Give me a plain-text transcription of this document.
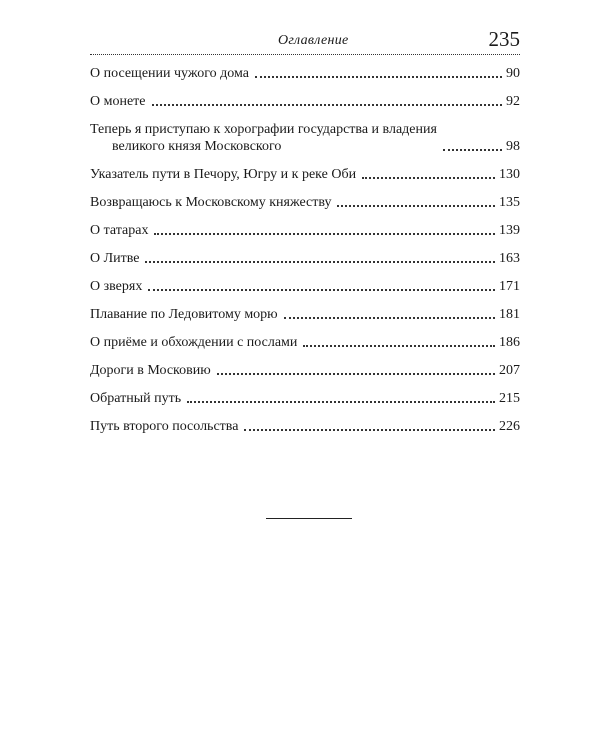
Оглавление	235
О посещении чужого дома	90
О монете	92
Теперь я приступаю к хорографии государства и владения
великого князя Московского	98
Указатель пути в Печору, Югру и к реке Оби	130
Возвращаюсь к Московскому княжеству	135
О татарах	139
О Литве	163
О зверях	171
Плавание по Ледовитому морю	181
О приёме и обхождении с послами	186
Дороги в Московию	207
Обратный путь	215
Путь второго посольства	226
